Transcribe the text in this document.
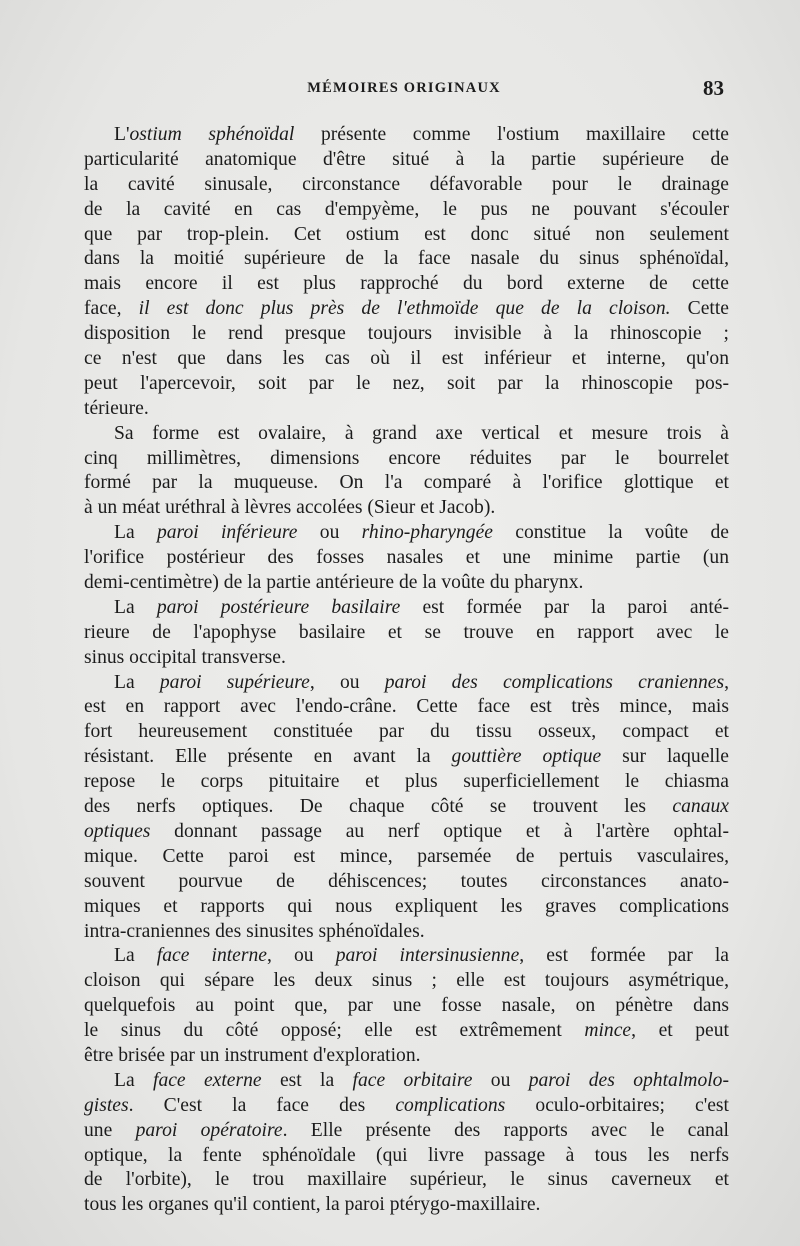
MÉMOIRES ORIGINAUX	83
L'ostium sphénoïdal présente comme l'ostium maxillaire cette
particularité anatomique d'être situé à la partie supérieure de
la cavité sinusale, circonstance défavorable pour le drainage
de la cavité en cas d'empyème, le pus ne pouvant s'écouler
que par trop-plein. Cet ostium est donc situé non seulement
dans la moitié supérieure de la face nasale du sinus sphénoïdal,
mais encore il est plus rapproché du bord externe de cette
face, il est donc plus près de l'ethmoïde que de la cloison. Cette
disposition le rend presque toujours invisible à la rhinoscopie ;
ce n'est que dans les cas où il est inférieur et interne, qu'on
peut l'apercevoir, soit par le nez, soit par la rhinoscopie pos-
térieure.
Sa forme est ovalaire, à grand axe vertical et mesure trois à
cinq millimètres, dimensions encore réduites par le bourrelet
formé par la muqueuse. On l'a comparé à l'orifice glottique et
à un méat uréthral à lèvres accolées (Sieur et Jacob).
La paroi inférieure ou rhino-pharyngée constitue la voûte de
l'orifice postérieur des fosses nasales et une minime partie (un
demi-centimètre) de la partie antérieure de la voûte du pharynx.
La paroi postérieure basilaire est formée par la paroi anté-
rieure de l'apophyse basilaire et se trouve en rapport avec le
sinus occipital transverse.
La paroi supérieure, ou paroi des complications craniennes,
est en rapport avec l'endo-crâne. Cette face est très mince, mais
fort heureusement constituée par du tissu osseux, compact et
résistant. Elle présente en avant la gouttière optique sur laquelle
repose le corps pituitaire et plus superficiellement le chiasma
des nerfs optiques. De chaque côté se trouvent les canaux
optiques donnant passage au nerf optique et à l'artère ophtal-
mique. Cette paroi est mince, parsemée de pertuis vasculaires,
souvent pourvue de déhiscences; toutes circonstances anato-
miques et rapports qui nous expliquent les graves complications
intra-craniennes des sinusites sphénoïdales.
La face interne, ou paroi intersinusienne, est formée par la
cloison qui sépare les deux sinus ; elle est toujours asymétrique,
quelquefois au point que, par une fosse nasale, on pénètre dans
le sinus du côté opposé; elle est extrêmement mince, et peut
être brisée par un instrument d'exploration.
La face externe est la face orbitaire ou paroi des ophtalmolo-
gistes. C'est la face des complications oculo-orbitaires; c'est
une paroi opératoire. Elle présente des rapports avec le canal
optique, la fente sphénoïdale (qui livre passage à tous les nerfs
de l'orbite), le trou maxillaire supérieur, le sinus caverneux et
tous les organes qu'il contient, la paroi ptérygo-maxillaire.
